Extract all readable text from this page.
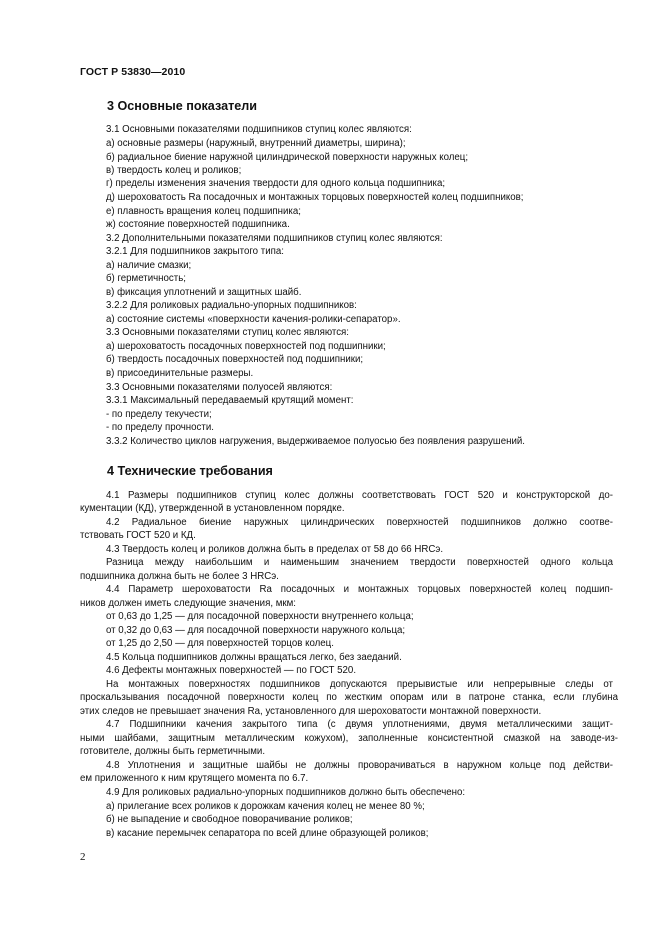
ГОСТ Р 53830—2010
3 Основные показатели
3.1 Основными показателями подшипников ступиц колес являются:
а) основные размеры (наружный, внутренний диаметры, ширина);
б) радиальное биение наружной цилиндрической поверхности наружных колец;
в) твердость колец и роликов;
г) пределы изменения значения твердости для одного кольца подшипника;
д) шероховатость Ra посадочных и монтажных торцовых поверхностей колец подшипников;
е) плавность вращения колец подшипника;
ж) состояние поверхностей подшипника.
3.2 Дополнительными показателями подшипников ступиц колес являются:
3.2.1 Для подшипников закрытого типа:
а) наличие смазки;
б) герметичность;
в) фиксация уплотнений и защитных шайб.
3.2.2 Для роликовых радиально-упорных подшипников:
а) состояние системы «поверхности качения-ролики-сепаратор».
3.3 Основными показателями ступиц колес являются:
а) шероховатость посадочных поверхностей под подшипники;
б) твердость посадочных поверхностей под подшипники;
в) присоединительные размеры.
3.3 Основными показателями полуосей являются:
3.3.1 Максимальный передаваемый крутящий момент:
- по пределу текучести;
- по пределу прочности.
3.3.2 Количество циклов нагружения, выдерживаемое полуосью без появления разрушений.
4 Технические требования
4.1 Размеры подшипников ступиц колес должны соответствовать ГОСТ 520 и конструкторской до-
кументации (КД), утвержденной в установленном порядке.
4.2 Радиальное биение наружных цилиндрических поверхностей подшипников должно соотве-
тствовать ГОСТ 520 и КД.
4.3 Твердость колец и роликов должна быть в пределах от 58 до 66 HRCэ.
Разница между наибольшим и наименьшим значением твердости поверхностей одного кольца
подшипника должна быть не более 3 HRCэ.
4.4 Параметр шероховатости Ra посадочных и монтажных торцовых поверхностей колец подшип-
ников должен иметь следующие значения, мкм:
от 0,63 до 1,25 — для посадочной поверхности внутреннего кольца;
от 0,32 до 0,63 — для посадочной поверхности наружного кольца;
от 1,25 до 2,50 — для поверхностей торцов колец.
4.5 Кольца подшипников должны вращаться легко, без заеданий.
4.6 Дефекты монтажных поверхностей — по ГОСТ 520.
На монтажных поверхностях подшипников допускаются прерывистые или непрерывные следы от
проскальзывания посадочной поверхности колец по жестким опорам или в патроне станка, если глубина
этих следов не превышает значения Ra, установленного для шероховатости монтажной поверхности.
4.7 Подшипники качения закрытого типа (с двумя уплотнениями, двумя металлическими защит-
ными шайбами, защитным металлическим кожухом), заполненные консистентной смазкой на заводе-из-
готовителе, должны быть герметичными.
4.8 Уплотнения и защитные шайбы не должны проворачиваться в наружном кольце под действи-
ем приложенного к ним крутящего момента по 6.7.
4.9 Для роликовых радиально-упорных подшипников должно быть обеспечено:
а) прилегание всех роликов к дорожкам качения колец не менее 80 %;
б) не выпадение и свободное поворачивание роликов;
в) касание перемычек сепаратора по всей длине образующей роликов;
2
